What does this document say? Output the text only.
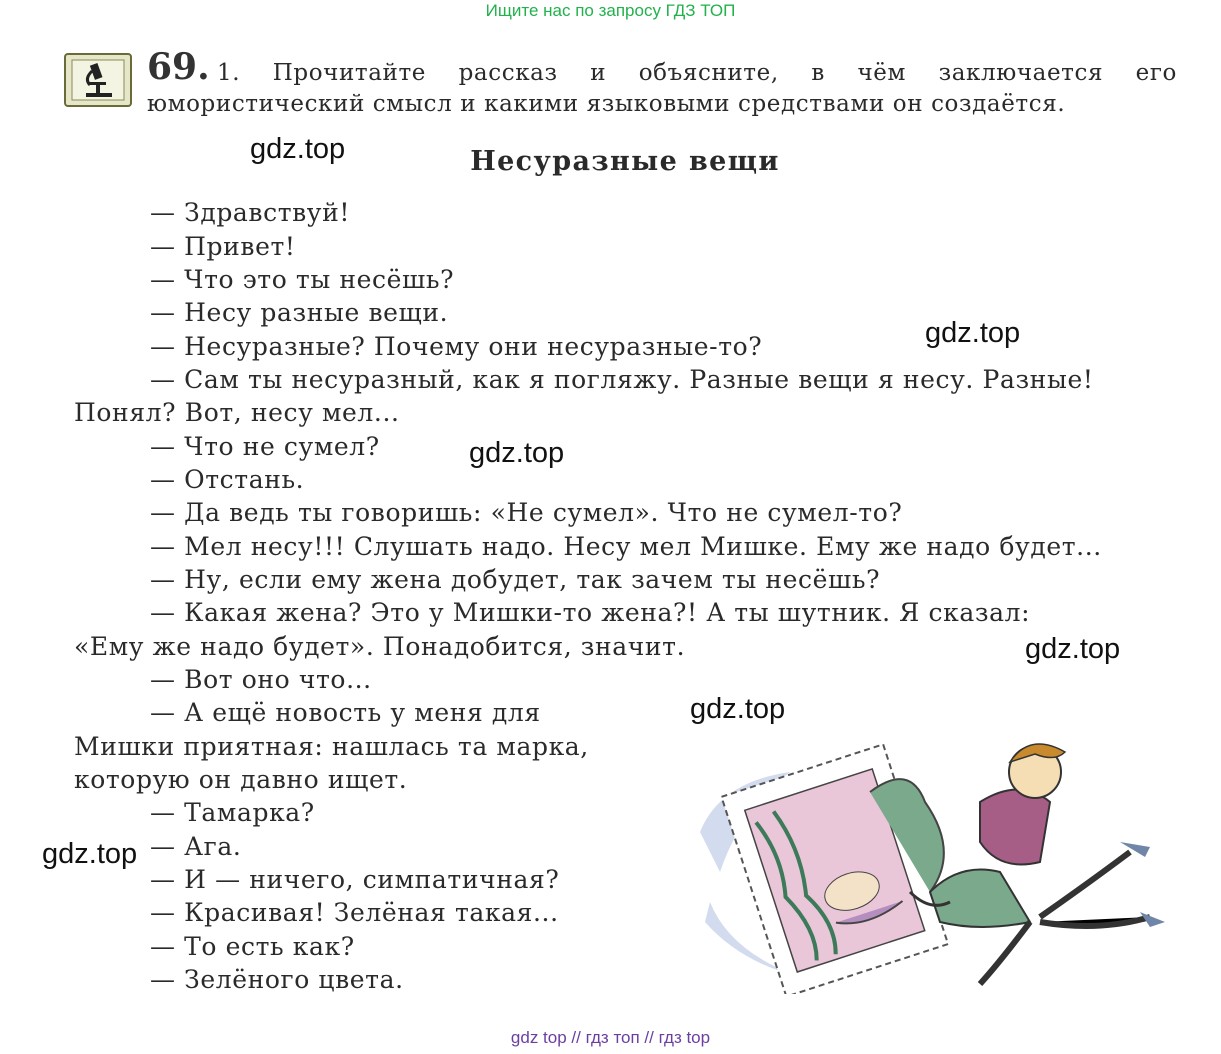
Ищите нас по запросу ГДЗ ТОП
69. 1. Прочитайте рассказ и объясните, в чём заключается его юмористический смысл и какими языковыми средствами он создаётся.
Несуразные вещи
— Здравствуй!
— Привет!
— Что это ты несёшь?
— Несу разные вещи.
— Несуразные? Почему они несуразные-то?
— Сам ты несуразный, как я погляжу. Разные вещи я несу. Разные!
Понял? Вот, несу мел...
— Что не сумел?
— Отстань.
— Да ведь ты говоришь: «Не сумел». Что не сумел-то?
— Мел несу!!! Слушать надо. Несу мел Мишке. Ему же надо будет...
— Ну, если ему жена добудет, так зачем ты несёшь?
— Какая жена? Это у Мишки-то жена?! А ты шутник. Я сказал:
«Ему же надо будет». Понадобится, значит.
— Вот оно что...
— А ещё новость у меня для
Мишки приятная: нашлась та марка,
которую он давно ищет.
— Тамарка?
— Ага.
— И — ничего, симпатичная?
— Красивая! Зелёная такая...
— То есть как?
— Зелёного цвета.
gdz.top
gdz.top
gdz.top
gdz.top
gdz.top
gdz.top
gdz top // гдз топ // гдз top
